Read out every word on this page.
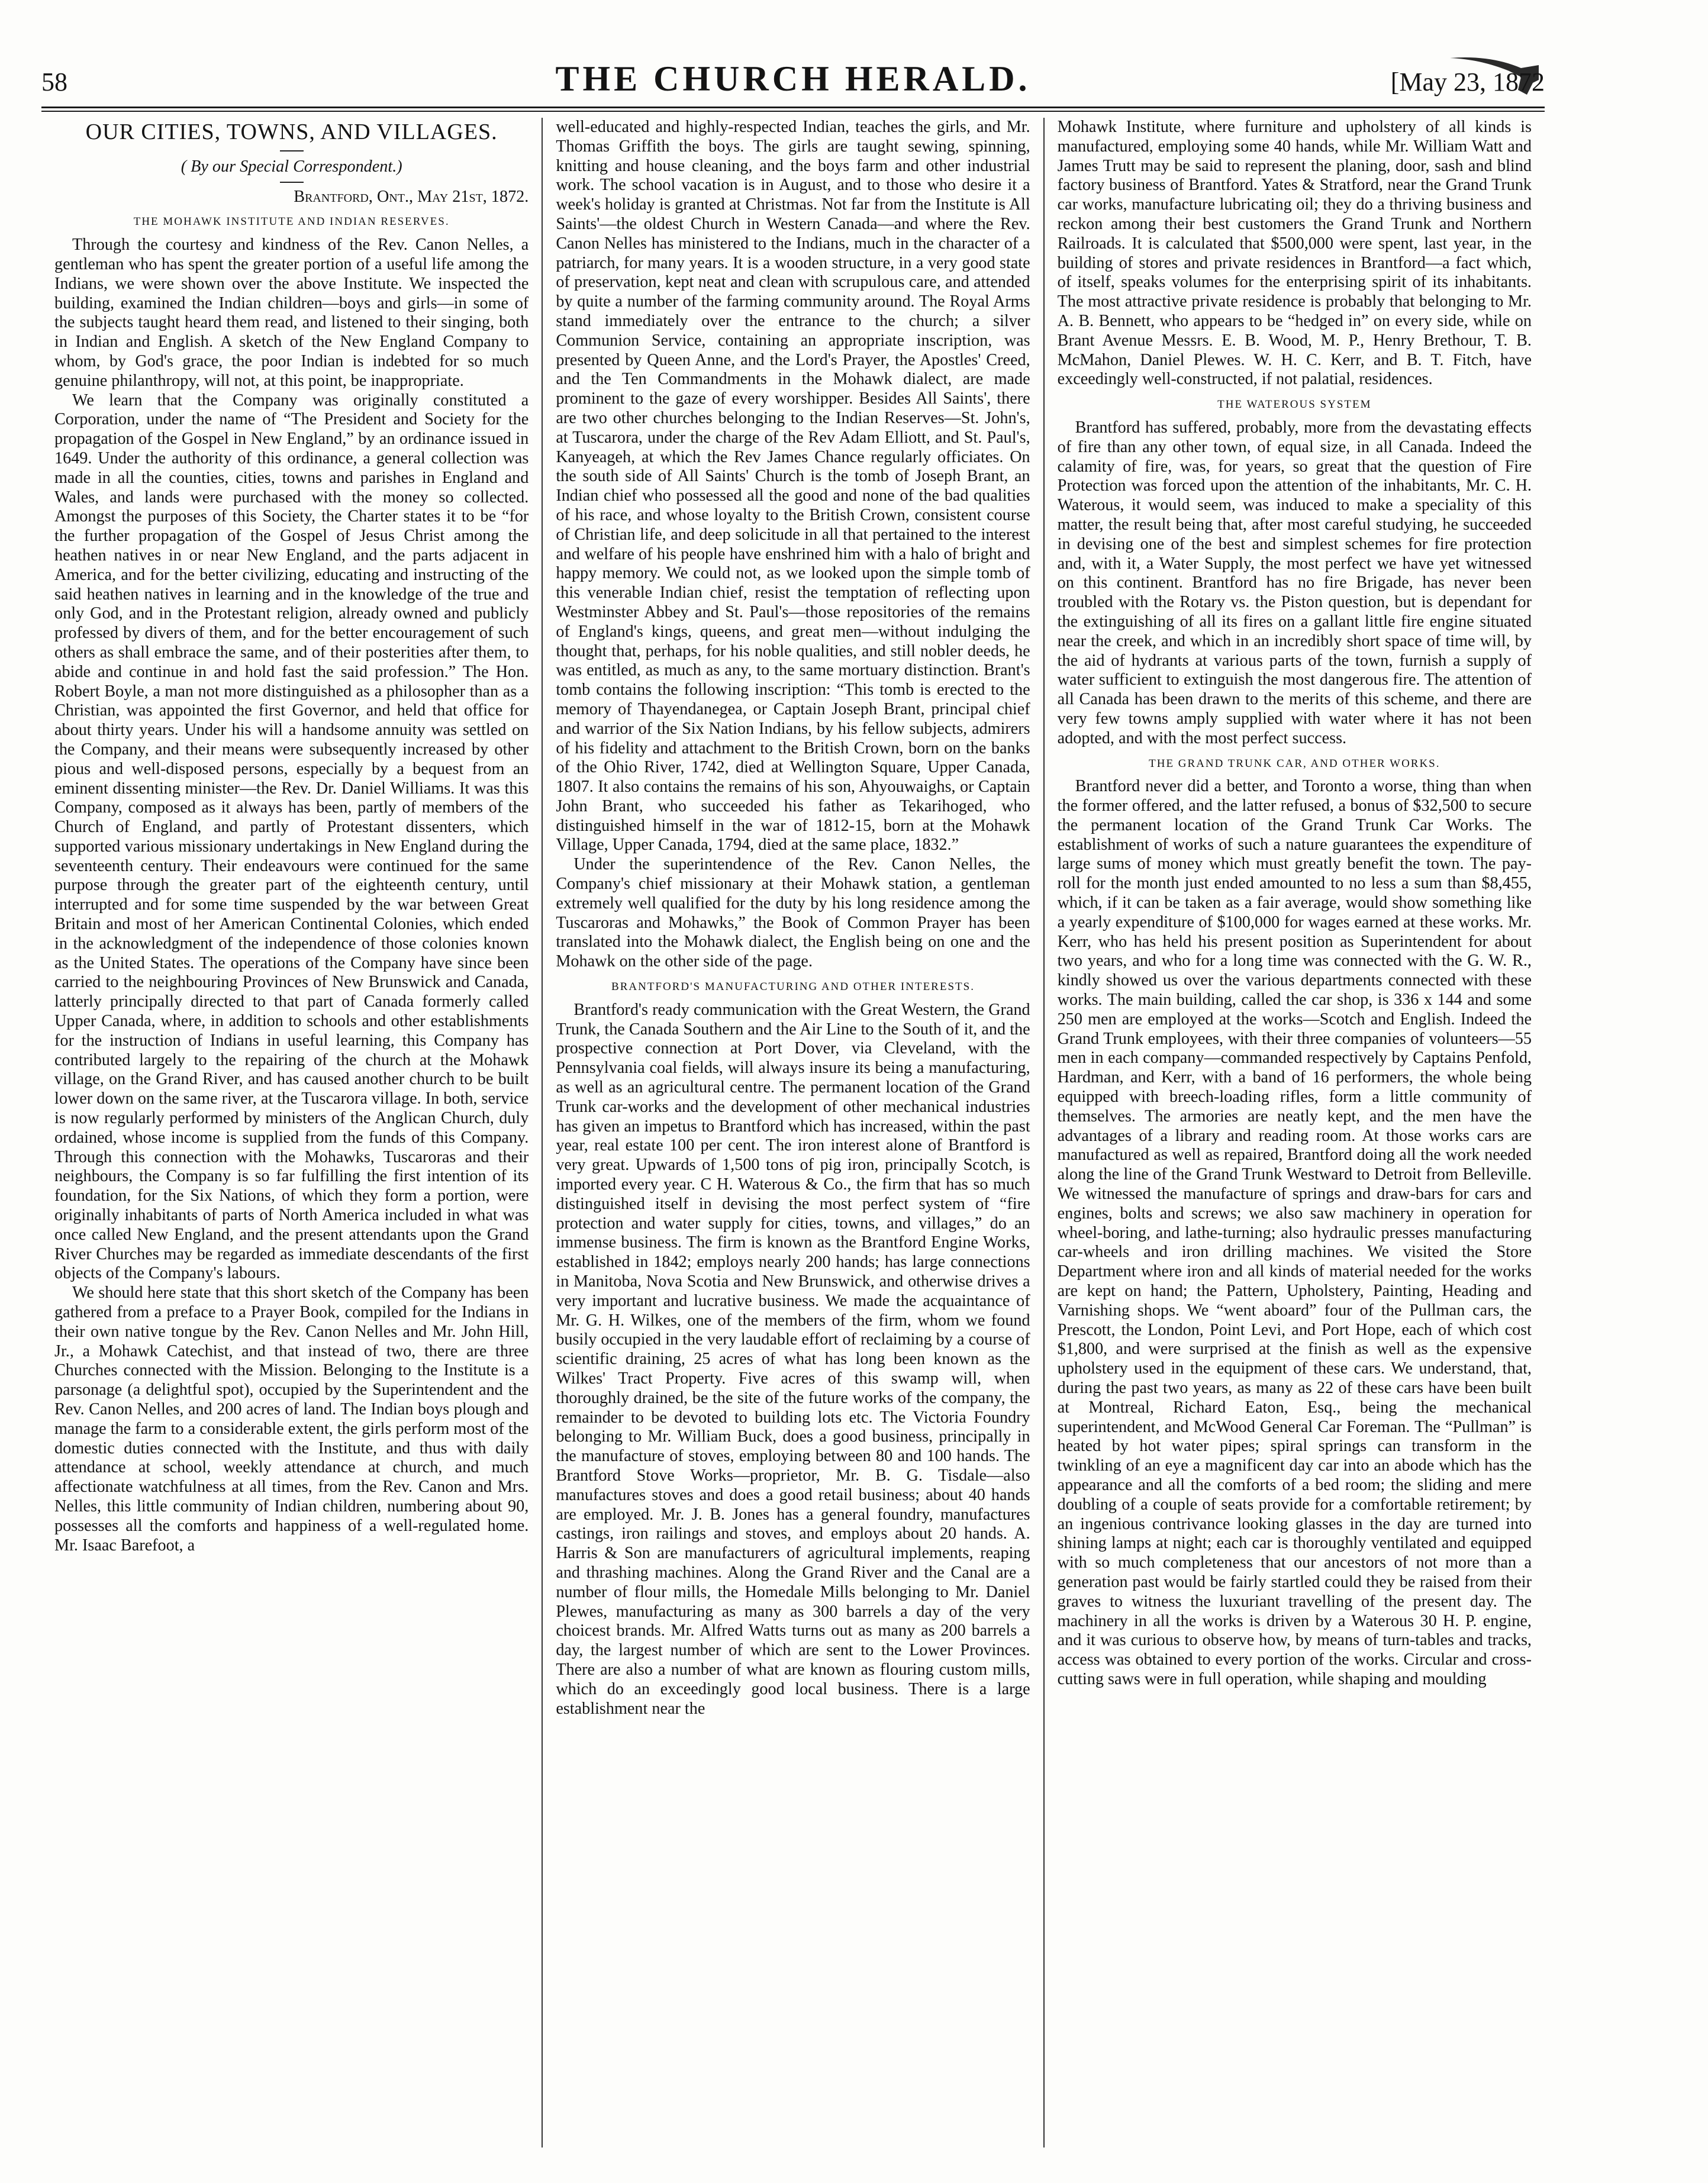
58	THE CHURCH HERALD.	[May 23, 1872
OUR CITIES, TOWNS, AND VILLAGES.
( By our Special Correspondent.)
Brantford, Ont., May 21st, 1872.
THE MOHAWK INSTITUTE AND INDIAN RESERVES.

Through the courtesy and kindness of the Rev. Canon Nelles, a gentleman who has spent the greater portion of a useful life among the Indians, we were shown over the above Institute. We inspected the building, examined the Indian children—boys and girls—in some of the subjects taught heard them read, and listened to their singing, both in Indian and English. A sketch of the New England Company to whom, by God's grace, the poor Indian is indebted for so much genuine philanthropy, will not, at this point, be inappropriate.

We learn that the Company was originally constituted a Corporation, under the name of “The President and Society for the propagation of the Gospel in New England,” by an ordinance issued in 1649. Under the authority of this ordinance, a general collection was made in all the counties, cities, towns and parishes in England and Wales, and lands were purchased with the money so collected. Amongst the purposes of this Society, the Charter states it to be “for the further propagation of the Gospel of Jesus Christ among the heathen natives in or near New England, and the parts adjacent in America, and for the better civilizing, educating and instructing of the said heathen natives in learning and in the knowledge of the true and only God, and in the Protestant religion, already owned and publicly professed by divers of them, and for the better encouragement of such others as shall embrace the same, and of their posterities after them, to abide and continue in and hold fast the said profession.” The Hon. Robert Boyle, a man not more distinguished as a philosopher than as a Christian, was appointed the first Governor, and held that office for about thirty years. Under his will a handsome annuity was settled on the Company, and their means were subsequently increased by other pious and well-disposed persons, especially by a bequest from an eminent dissenting minister—the Rev. Dr. Daniel Williams. It was this Company, composed as it always has been, partly of members of the Church of England, and partly of Protestant dissenters, which supported various missionary undertakings in New England during the seventeenth century. Their endeavours were continued for the same purpose through the greater part of the eighteenth century, until interrupted and for some time suspended by the war between Great Britain and most of her American Continental Colonies, which ended in the acknowledgment of the independence of those colonies known as the United States. The operations of the Company have since been carried to the neighbouring Provinces of New Brunswick and Canada, latterly principally directed to that part of Canada formerly called Upper Canada, where, in addition to schools and other establishments for the instruction of Indians in useful learning, this Company has contributed largely to the repairing of the church at the Mohawk village, on the Grand River, and has caused another church to be built lower down on the same river, at the Tuscarora village. In both, service is now regularly performed by ministers of the Anglican Church, duly ordained, whose income is supplied from the funds of this Company. Through this connection with the Mohawks, Tuscaroras and their neighbours, the Company is so far fulfilling the first intention of its foundation, for the Six Nations, of which they form a portion, were originally inhabitants of parts of North America included in what was once called New England, and the present attendants upon the Grand River Churches may be regarded as immediate descendants of the first objects of the Company's labours.

We should here state that this short sketch of the Company has been gathered from a preface to a Prayer Book, compiled for the Indians in their own native tongue by the Rev. Canon Nelles and Mr. John Hill, Jr., a Mohawk Catechist, and that instead of two, there are three Churches connected with the Mission. Belonging to the Institute is a parsonage (a delightful spot), occupied by the Superintendent and the Rev. Canon Nelles, and 200 acres of land. The Indian boys plough and manage the farm to a considerable extent, the girls perform most of the domestic duties connected with the Institute, and thus with daily attendance at school, weekly attendance at church, and much affectionate watchfulness at all times, from the Rev. Canon and Mrs. Nelles, this little community of Indian children, numbering about 90, possesses all the comforts and happiness of a well-regulated home. Mr. Isaac Barefoot, a

well-educated and highly-respected Indian, teaches the girls, and Mr. Thomas Griffith the boys. The girls are taught sewing, spinning, knitting and house cleaning, and the boys farm and other industrial work. The school vacation is in August, and to those who desire it a week's holiday is granted at Christmas. Not far from the Institute is All Saints'—the oldest Church in Western Canada—and where the Rev. Canon Nelles has ministered to the Indians, much in the character of a patriarch, for many years. It is a wooden structure, in a very good state of preservation, kept neat and clean with scrupulous care, and attended by quite a number of the farming community around. The Royal Arms stand immediately over the entrance to the church; a silver Communion Service, containing an appropriate inscription, was presented by Queen Anne, and the Lord's Prayer, the Apostles' Creed, and the Ten Commandments in the Mohawk dialect, are made prominent to the gaze of every worshipper. Besides All Saints', there are two other churches belonging to the Indian Reserves—St. John's, at Tuscarora, under the charge of the Rev Adam Elliott, and St. Paul's, Kanyeageh, at which the Rev James Chance regularly officiates. On the south side of All Saints' Church is the tomb of Joseph Brant, an Indian chief who possessed all the good and none of the bad qualities of his race, and whose loyalty to the British Crown, consistent course of Christian life, and deep solicitude in all that pertained to the interest and welfare of his people have enshrined him with a halo of bright and happy memory. We could not, as we looked upon the simple tomb of this venerable Indian chief, resist the temptation of reflecting upon Westminster Abbey and St. Paul's—those repositories of the remains of England's kings, queens, and great men—without indulging the thought that, perhaps, for his noble qualities, and still nobler deeds, he was entitled, as much as any, to the same mortuary distinction. Brant's tomb contains the following inscription: “This tomb is erected to the memory of Thayendanegea, or Captain Joseph Brant, principal chief and warrior of the Six Nation Indians, by his fellow subjects, admirers of his fidelity and attachment to the British Crown, born on the banks of the Ohio River, 1742, died at Wellington Square, Upper Canada, 1807. It also contains the remains of his son, Ahyouwaighs, or Captain John Brant, who succeeded his father as Tekarihoged, who distinguished himself in the war of 1812-15, born at the Mohawk Village, Upper Canada, 1794, died at the same place, 1832.”

Under the superintendence of the Rev. Canon Nelles, the Company's chief missionary at their Mohawk station, a gentleman extremely well qualified for the duty by his long residence among the Tuscaroras and Mohawks,” the Book of Common Prayer has been translated into the Mohawk dialect, the English being on one and the Mohawk on the other side of the page.

BRANTFORD'S MANUFACTURING AND OTHER INTERESTS.

Brantford's ready communication with the Great Western, the Grand Trunk, the Canada Southern and the Air Line to the South of it, and the prospective connection at Port Dover, via Cleveland, with the Pennsylvania coal fields, will always insure its being a manufacturing, as well as an agricultural centre. The permanent location of the Grand Trunk car-works and the development of other mechanical industries has given an impetus to Brantford which has increased, within the past year, real estate 100 per cent. The iron interest alone of Brantford is very great. Upwards of 1,500 tons of pig iron, principally Scotch, is imported every year. C H. Waterous & Co., the firm that has so much distinguished itself in devising the most perfect system of “fire protection and water supply for cities, towns, and villages,” do an immense business. The firm is known as the Brantford Engine Works, established in 1842; employs nearly 200 hands; has large connections in Manitoba, Nova Scotia and New Brunswick, and otherwise drives a very important and lucrative business. We made the acquaintance of Mr. G. H. Wilkes, one of the members of the firm, whom we found busily occupied in the very laudable effort of reclaiming by a course of scientific draining, 25 acres of what has long been known as the Wilkes' Tract Property. Five acres of this swamp will, when thoroughly drained, be the site of the future works of the company, the remainder to be devoted to building lots etc. The Victoria Foundry belonging to Mr. William Buck, does a good business, principally in the manufacture of stoves, employing between 80 and 100 hands. The Brantford Stove Works—proprietor, Mr. B. G. Tisdale—also manufactures stoves and does a good retail business; about 40 hands are employed. Mr. J. B. Jones has a general foundry, manufactures castings, iron railings and stoves, and employs about 20 hands. A. Harris & Son are manufacturers of agricultural implements, reaping and thrashing machines. Along the Grand River and the Canal are a number of flour mills, the Homedale Mills belonging to Mr. Daniel Plewes, manufacturing as many as 300 barrels a day of the very choicest brands. Mr. Alfred Watts turns out as many as 200 barrels a day, the largest number of which are sent to the Lower Provinces. There are also a number of what are known as flouring custom mills, which do an exceedingly good local business. There is a large establishment near the

Mohawk Institute, where furniture and upholstery of all kinds is manufactured, employing some 40 hands, while Mr. William Watt and James Trutt may be said to represent the planing, door, sash and blind factory business of Brantford. Yates & Stratford, near the Grand Trunk car works, manufacture lubricating oil; they do a thriving business and reckon among their best customers the Grand Trunk and Northern Railroads. It is calculated that $500,000 were spent, last year, in the building of stores and private residences in Brantford—a fact which, of itself, speaks volumes for the enterprising spirit of its inhabitants. The most attractive private residence is probably that belonging to Mr. A. B. Bennett, who appears to be “hedged in” on every side, while on Brant Avenue Messrs. E. B. Wood, M. P., Henry Brethour, T. B. McMahon, Daniel Plewes. W. H. C. Kerr, and B. T. Fitch, have exceedingly well-constructed, if not palatial, residences.

THE WATEROUS SYSTEM

Brantford has suffered, probably, more from the devastating effects of fire than any other town, of equal size, in all Canada. Indeed the calamity of fire, was, for years, so great that the question of Fire Protection was forced upon the attention of the inhabitants, Mr. C. H. Waterous, it would seem, was induced to make a speciality of this matter, the result being that, after most careful studying, he succeeded in devising one of the best and simplest schemes for fire protection and, with it, a Water Supply, the most perfect we have yet witnessed on this continent. Brantford has no fire Brigade, has never been troubled with the Rotary vs. the Piston question, but is dependant for the extinguishing of all its fires on a gallant little fire engine situated near the creek, and which in an incredibly short space of time will, by the aid of hydrants at various parts of the town, furnish a supply of water sufficient to extinguish the most dangerous fire. The attention of all Canada has been drawn to the merits of this scheme, and there are very few towns amply supplied with water where it has not been adopted, and with the most perfect success.

THE GRAND TRUNK CAR, AND OTHER WORKS.

Brantford never did a better, and Toronto a worse, thing than when the former offered, and the latter refused, a bonus of $32,500 to secure the permanent location of the Grand Trunk Car Works. The establishment of works of such a nature guarantees the expenditure of large sums of money which must greatly benefit the town. The pay-roll for the month just ended amounted to no less a sum than $8,455, which, if it can be taken as a fair average, would show something like a yearly expenditure of $100,000 for wages earned at these works. Mr. Kerr, who has held his present position as Superintendent for about two years, and who for a long time was connected with the G. W. R., kindly showed us over the various departments connected with these works. The main building, called the car shop, is 336 x 144 and some 250 men are employed at the works—Scotch and English. Indeed the Grand Trunk employees, with their three companies of volunteers—55 men in each company—commanded respectively by Captains Penfold, Hardman, and Kerr, with a band of 16 performers, the whole being equipped with breech-loading rifles, form a little community of themselves. The armories are neatly kept, and the men have the advantages of a library and reading room. At those works cars are manufactured as well as repaired, Brantford doing all the work needed along the line of the Grand Trunk Westward to Detroit from Belleville. We witnessed the manufacture of springs and draw-bars for cars and engines, bolts and screws; we also saw machinery in operation for wheel-boring, and lathe-turning; also hydraulic presses manufacturing car-wheels and iron drilling machines. We visited the Store Department where iron and all kinds of material needed for the works are kept on hand; the Pattern, Upholstery, Painting, Heading and Varnishing shops. We “went aboard” four of the Pullman cars, the Prescott, the London, Point Levi, and Port Hope, each of which cost $1,800, and were surprised at the finish as well as the expensive upholstery used in the equipment of these cars. We understand, that, during the past two years, as many as 22 of these cars have been built at Montreal, Richard Eaton, Esq., being the mechanical superintendent, and McWood General Car Foreman. The “Pullman” is heated by hot water pipes; spiral springs can transform in the twinkling of an eye a magnificent day car into an abode which has the appearance and all the comforts of a bed room; the sliding and mere doubling of a couple of seats provide for a comfortable retirement; by an ingenious contrivance looking glasses in the day are turned into shining lamps at night; each car is thoroughly ventilated and equipped with so much completeness that our ancestors of not more than a generation past would be fairly startled could they be raised from their graves to witness the luxuriant travelling of the present day. The machinery in all the works is driven by a Waterous 30 H. P. engine, and it was curious to observe how, by means of turn-tables and tracks, access was obtained to every portion of the works. Circular and cross-cutting saws were in full operation, while shaping and moulding
